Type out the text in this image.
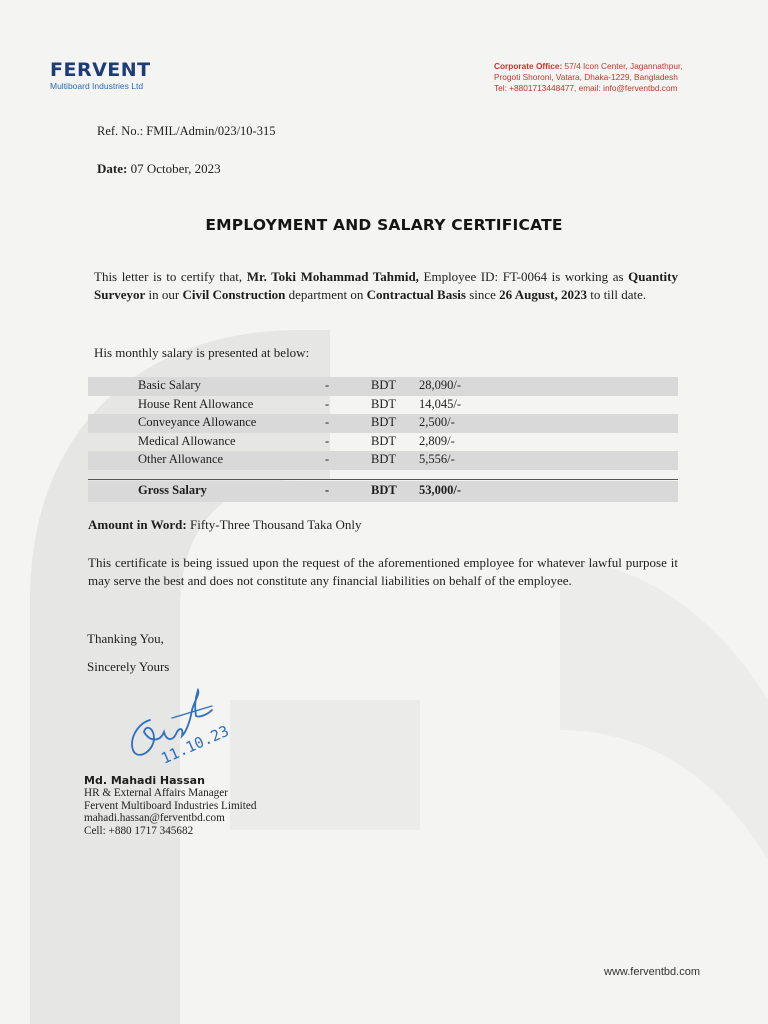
FERVENT
Multiboard Industries Ltd
Corporate Office: 57/4 Icon Center, Jagannathpur,
Progoti Shoroni, Vatara, Dhaka-1229, Bangladesh
Tel: +8801713448477, email: info@ferventbd.com
Ref. No.: FMIL/Admin/023/10-315
Date: 07 October, 2023
EMPLOYMENT AND SALARY CERTIFICATE
This letter is to certify that, Mr. Toki Mohammad Tahmid, Employee ID: FT-0064 is working as Quantity Surveyor in our Civil Construction department on Contractual Basis since 26 August, 2023 to till date.
His monthly salary is presented at below:
Basic Salary	-	BDT 28,090/-
House Rent Allowance	-	BDT 14,045/-
Conveyance Allowance	-	BDT 2,500/-
Medical Allowance	-	BDT 2,809/-
Other Allowance	-	BDT 5,556/-
Gross Salary	-	BDT 53,000/-
Amount in Word: Fifty-Three Thousand Taka Only
This certificate is being issued upon the request of the aforementioned employee for whatever lawful purpose it may serve the best and does not constitute any financial liabilities on behalf of the employee.
Thanking You,
Sincerely Yours
11.10.23
Md. Mahadi Hassan
HR & External Affairs Manager
Fervent Multiboard Industries Limited
mahadi.hassan@ferventbd.com
Cell: +880 1717 345682
www.ferventbd.com
